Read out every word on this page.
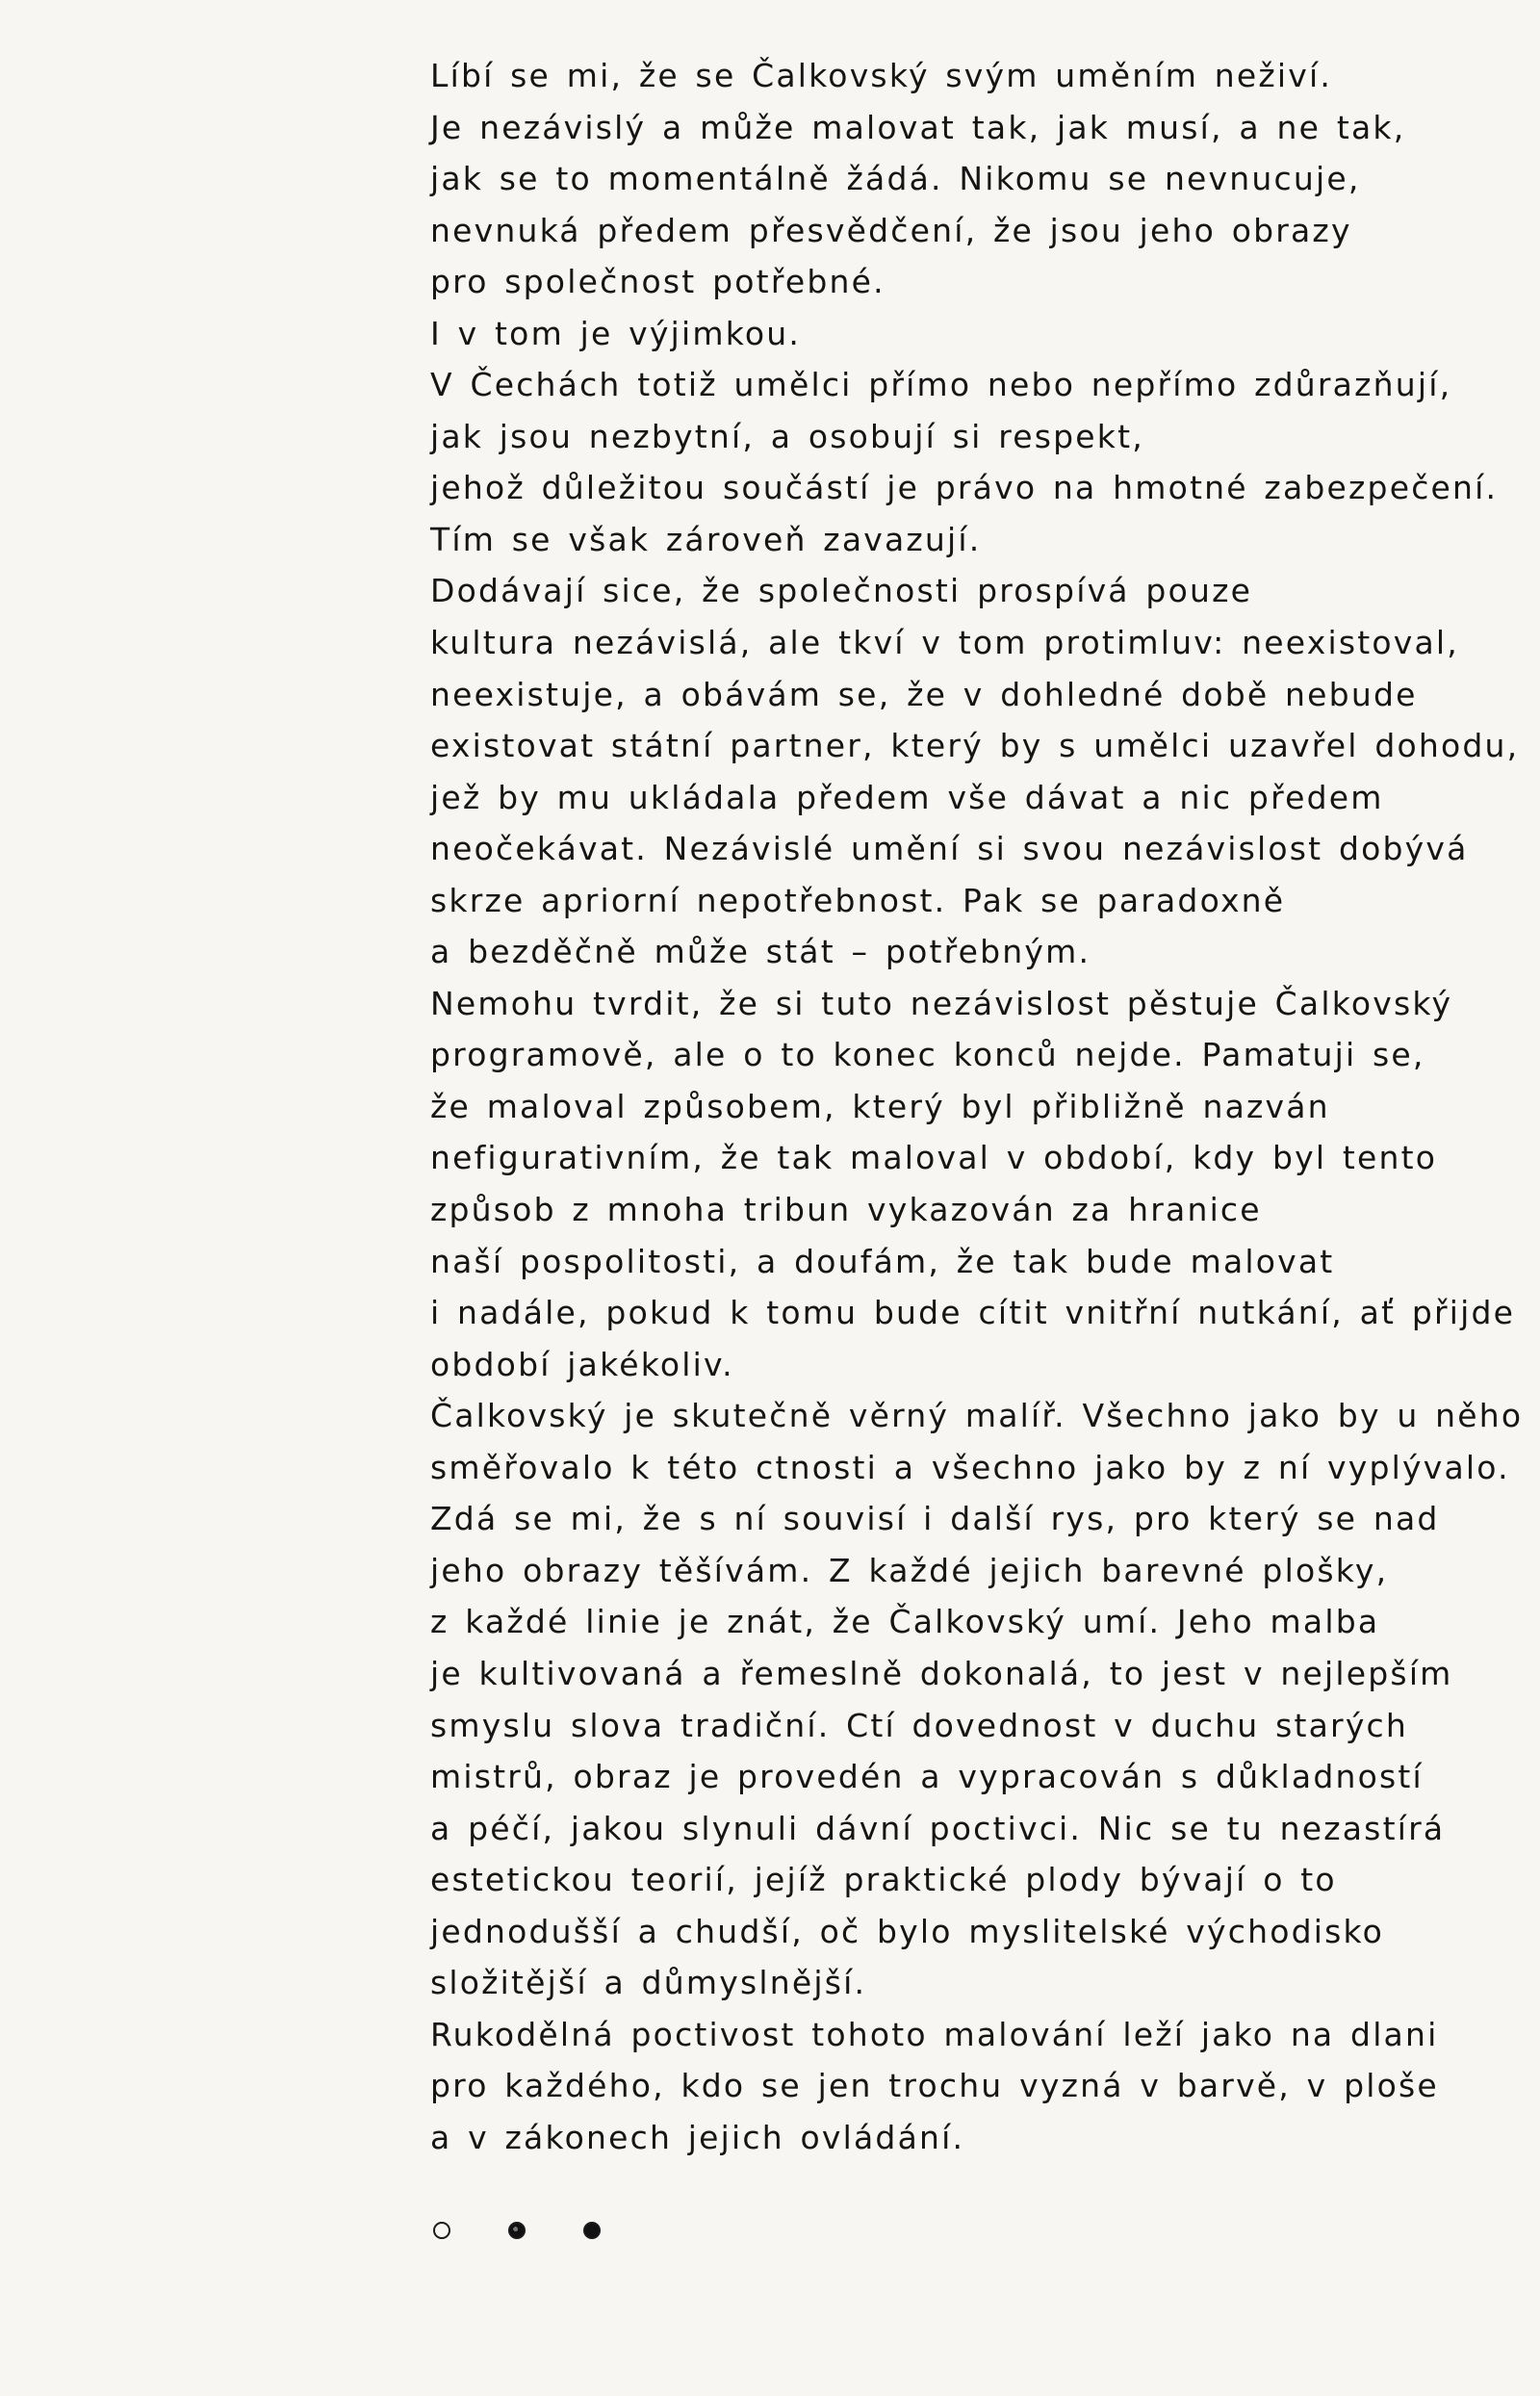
Líbí se mi, že se Čalkovský svým uměním neživí.
Je nezávislý a může malovat tak, jak musí, a ne tak,
jak se to momentálně žádá. Nikomu se nevnucuje,
nevnuká předem přesvědčení, že jsou jeho obrazy
pro společnost potřebné.
I v tom je výjimkou.
V Čechách totiž umělci přímo nebo nepřímo zdůrazňují,
jak jsou nezbytní, a osobují si respekt,
jehož důležitou součástí je právo na hmotné zabezpečení.
Tím se však zároveň zavazují.
Dodávají sice, že společnosti prospívá pouze
kultura nezávislá, ale tkví v tom protimluv: neexistoval,
neexistuje, a obávám se, že v dohledné době nebude
existovat státní partner, který by s umělci uzavřel dohodu,
jež by mu ukládala předem vše dávat a nic předem
neočekávat. Nezávislé umění si svou nezávislost dobývá
skrze apriorní nepotřebnost. Pak se paradoxně
a bezděčně může stát – potřebným.
Nemohu tvrdit, že si tuto nezávislost pěstuje Čalkovský
programově, ale o to konec konců nejde. Pamatuji se,
že maloval způsobem, který byl přibližně nazván
nefigurativním, že tak maloval v období, kdy byl tento
způsob z mnoha tribun vykazován za hranice
naší pospolitosti, a doufám, že tak bude malovat
i nadále, pokud k tomu bude cítit vnitřní nutkání, ať přijde
období jakékoliv.
Čalkovský je skutečně věrný malíř. Všechno jako by u něho
směřovalo k této ctnosti a všechno jako by z ní vyplývalo.
Zdá se mi, že s ní souvisí i další rys, pro který se nad
jeho obrazy těšívám. Z každé jejich barevné plošky,
z každé linie je znát, že Čalkovský umí. Jeho malba
je kultivovaná a řemeslně dokonalá, to jest v nejlepším
smyslu slova tradiční. Ctí dovednost v duchu starých
mistrů, obraz je provedén a vypracován s důkladností
a péčí, jakou slynuli dávní poctivci. Nic se tu nezastírá
estetickou teorií, jejíž praktické plody bývají o to
jednodušší a chudší, oč bylo myslitelské východisko
složitější a důmyslnější.
Rukodělná poctivost tohoto malování leží jako na dlani
pro každého, kdo se jen trochu vyzná v barvě, v ploše
a v zákonech jejich ovládání.
